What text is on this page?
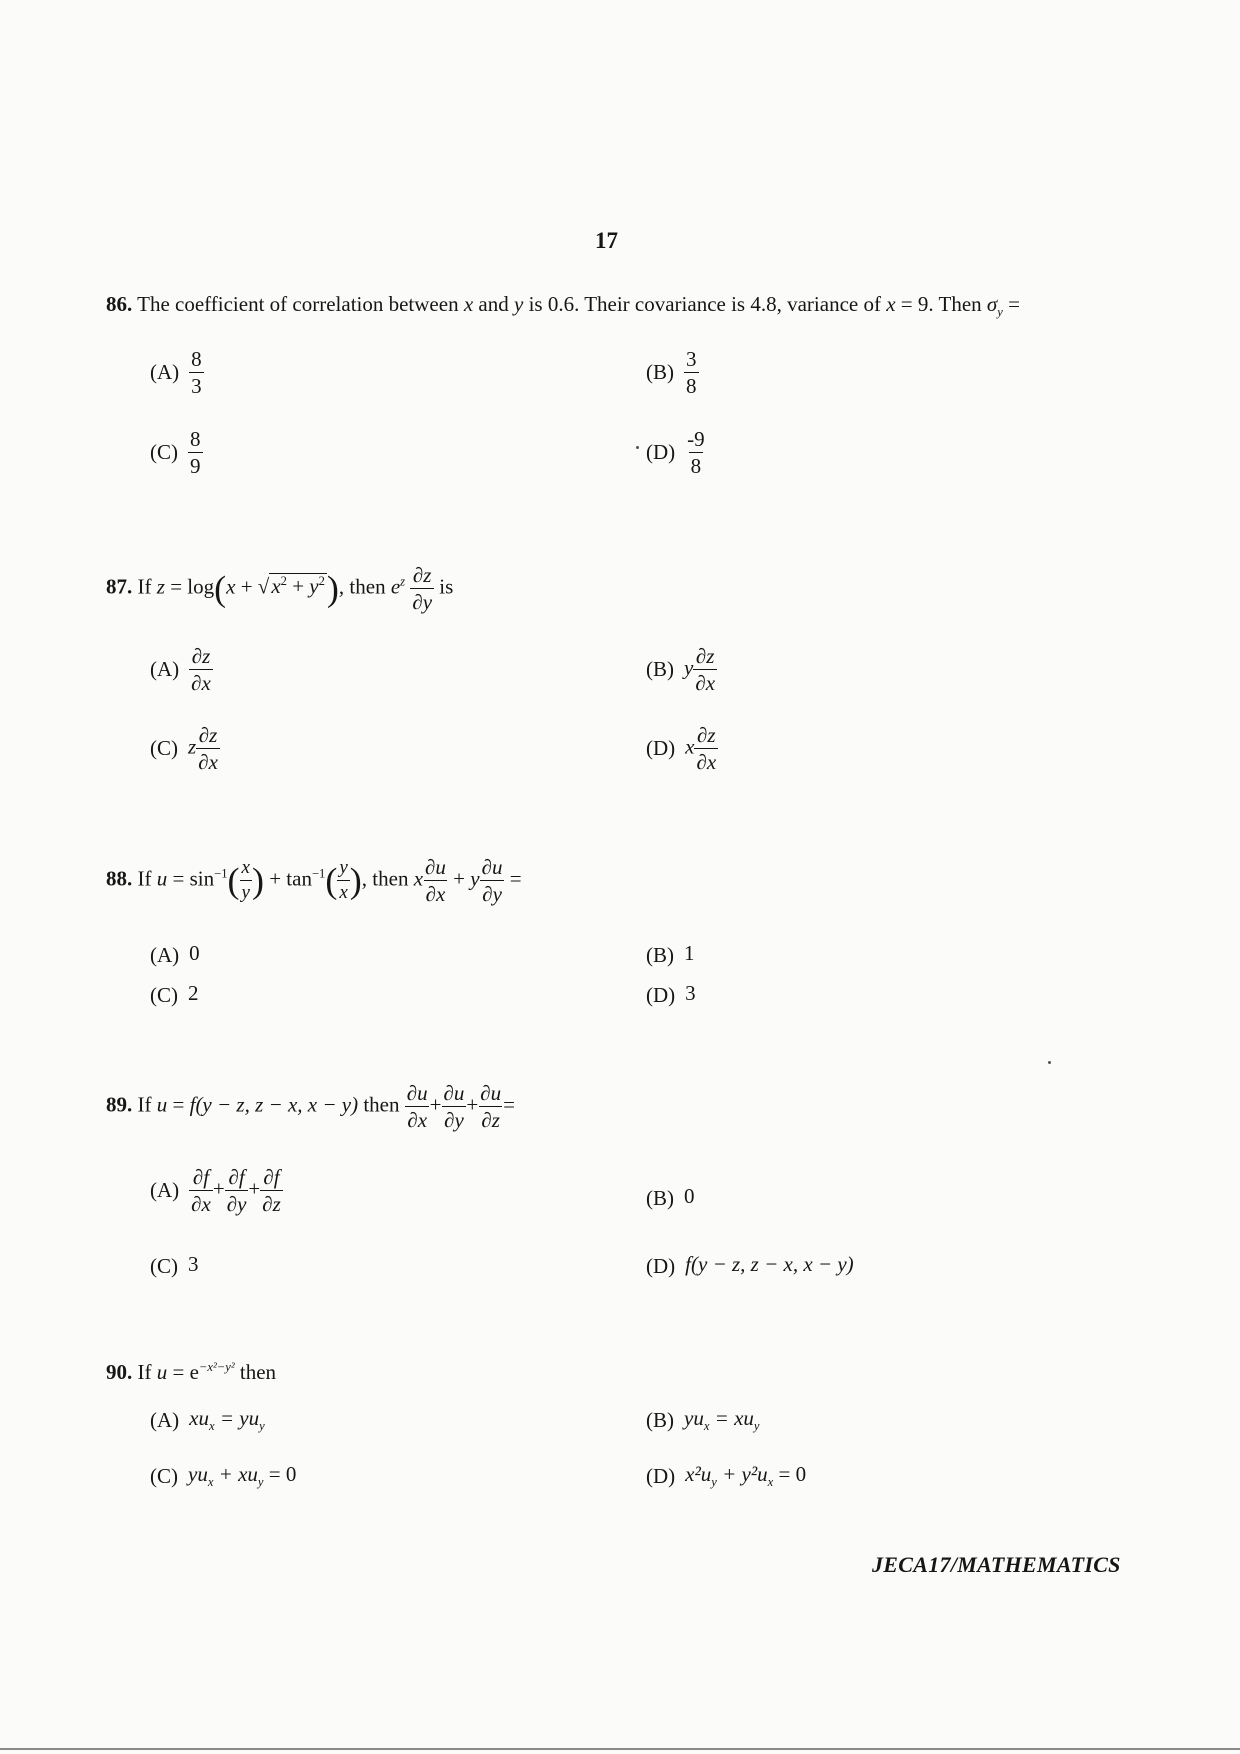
17
86. The coefficient of correlation between x and y is 0.6. Their covariance is 4.8, variance of x = 9. Then $\sigma_y$ =
$(A) \frac{8}{3}$	$(B) \frac{3}{8}$
$(C) \frac{8}{9}$	$(D) \frac{-9}{8}$
87. If $z = \log(x + √x^2 + y^2)$, then $e^z \frac{\partial z}{\partial y}$ is
$(A) \frac{\partial z}{\partial x}$	(B) y $\frac{\partial z}{\partial x}$
(C) z $\frac{\partial z}{\partial x}$	(D) x $\frac{\partial z}{\partial x}$
88. If $u = \sin^{-1}( \frac{x}{y}$ ) + $\tan^{-1}( \frac{y}{x}$ ), then x $\frac{\partial u}{\partial x} + y \frac{\partial u}{\partial y}$ =
(A) 0	(B) 1
(C) 2	(D) 3
89. If u = f(y − z, z − x, x − y) then $\frac{\partial u}{\partial x} + \frac{\partial u}{\partial y} + \frac{\partial u}{\partial z}$ =
$(A) \frac{\partial f}{\partial x} + \frac{\partial f}{\partial y} + \frac{\partial f}{\partial z}$	(B) 0
(C) 3	(D) f(y − z, z − x, x − y)
90. If $u = e^{-x^2-y^2}$ then
(A) $xu_x = yu_y$	(B) $yu_x = xu_y$
(C) $yu_x + xu_y = 0$	(D) $x^2u_y + y^2u_x = 0$
JECA17/MATHEMATICS
